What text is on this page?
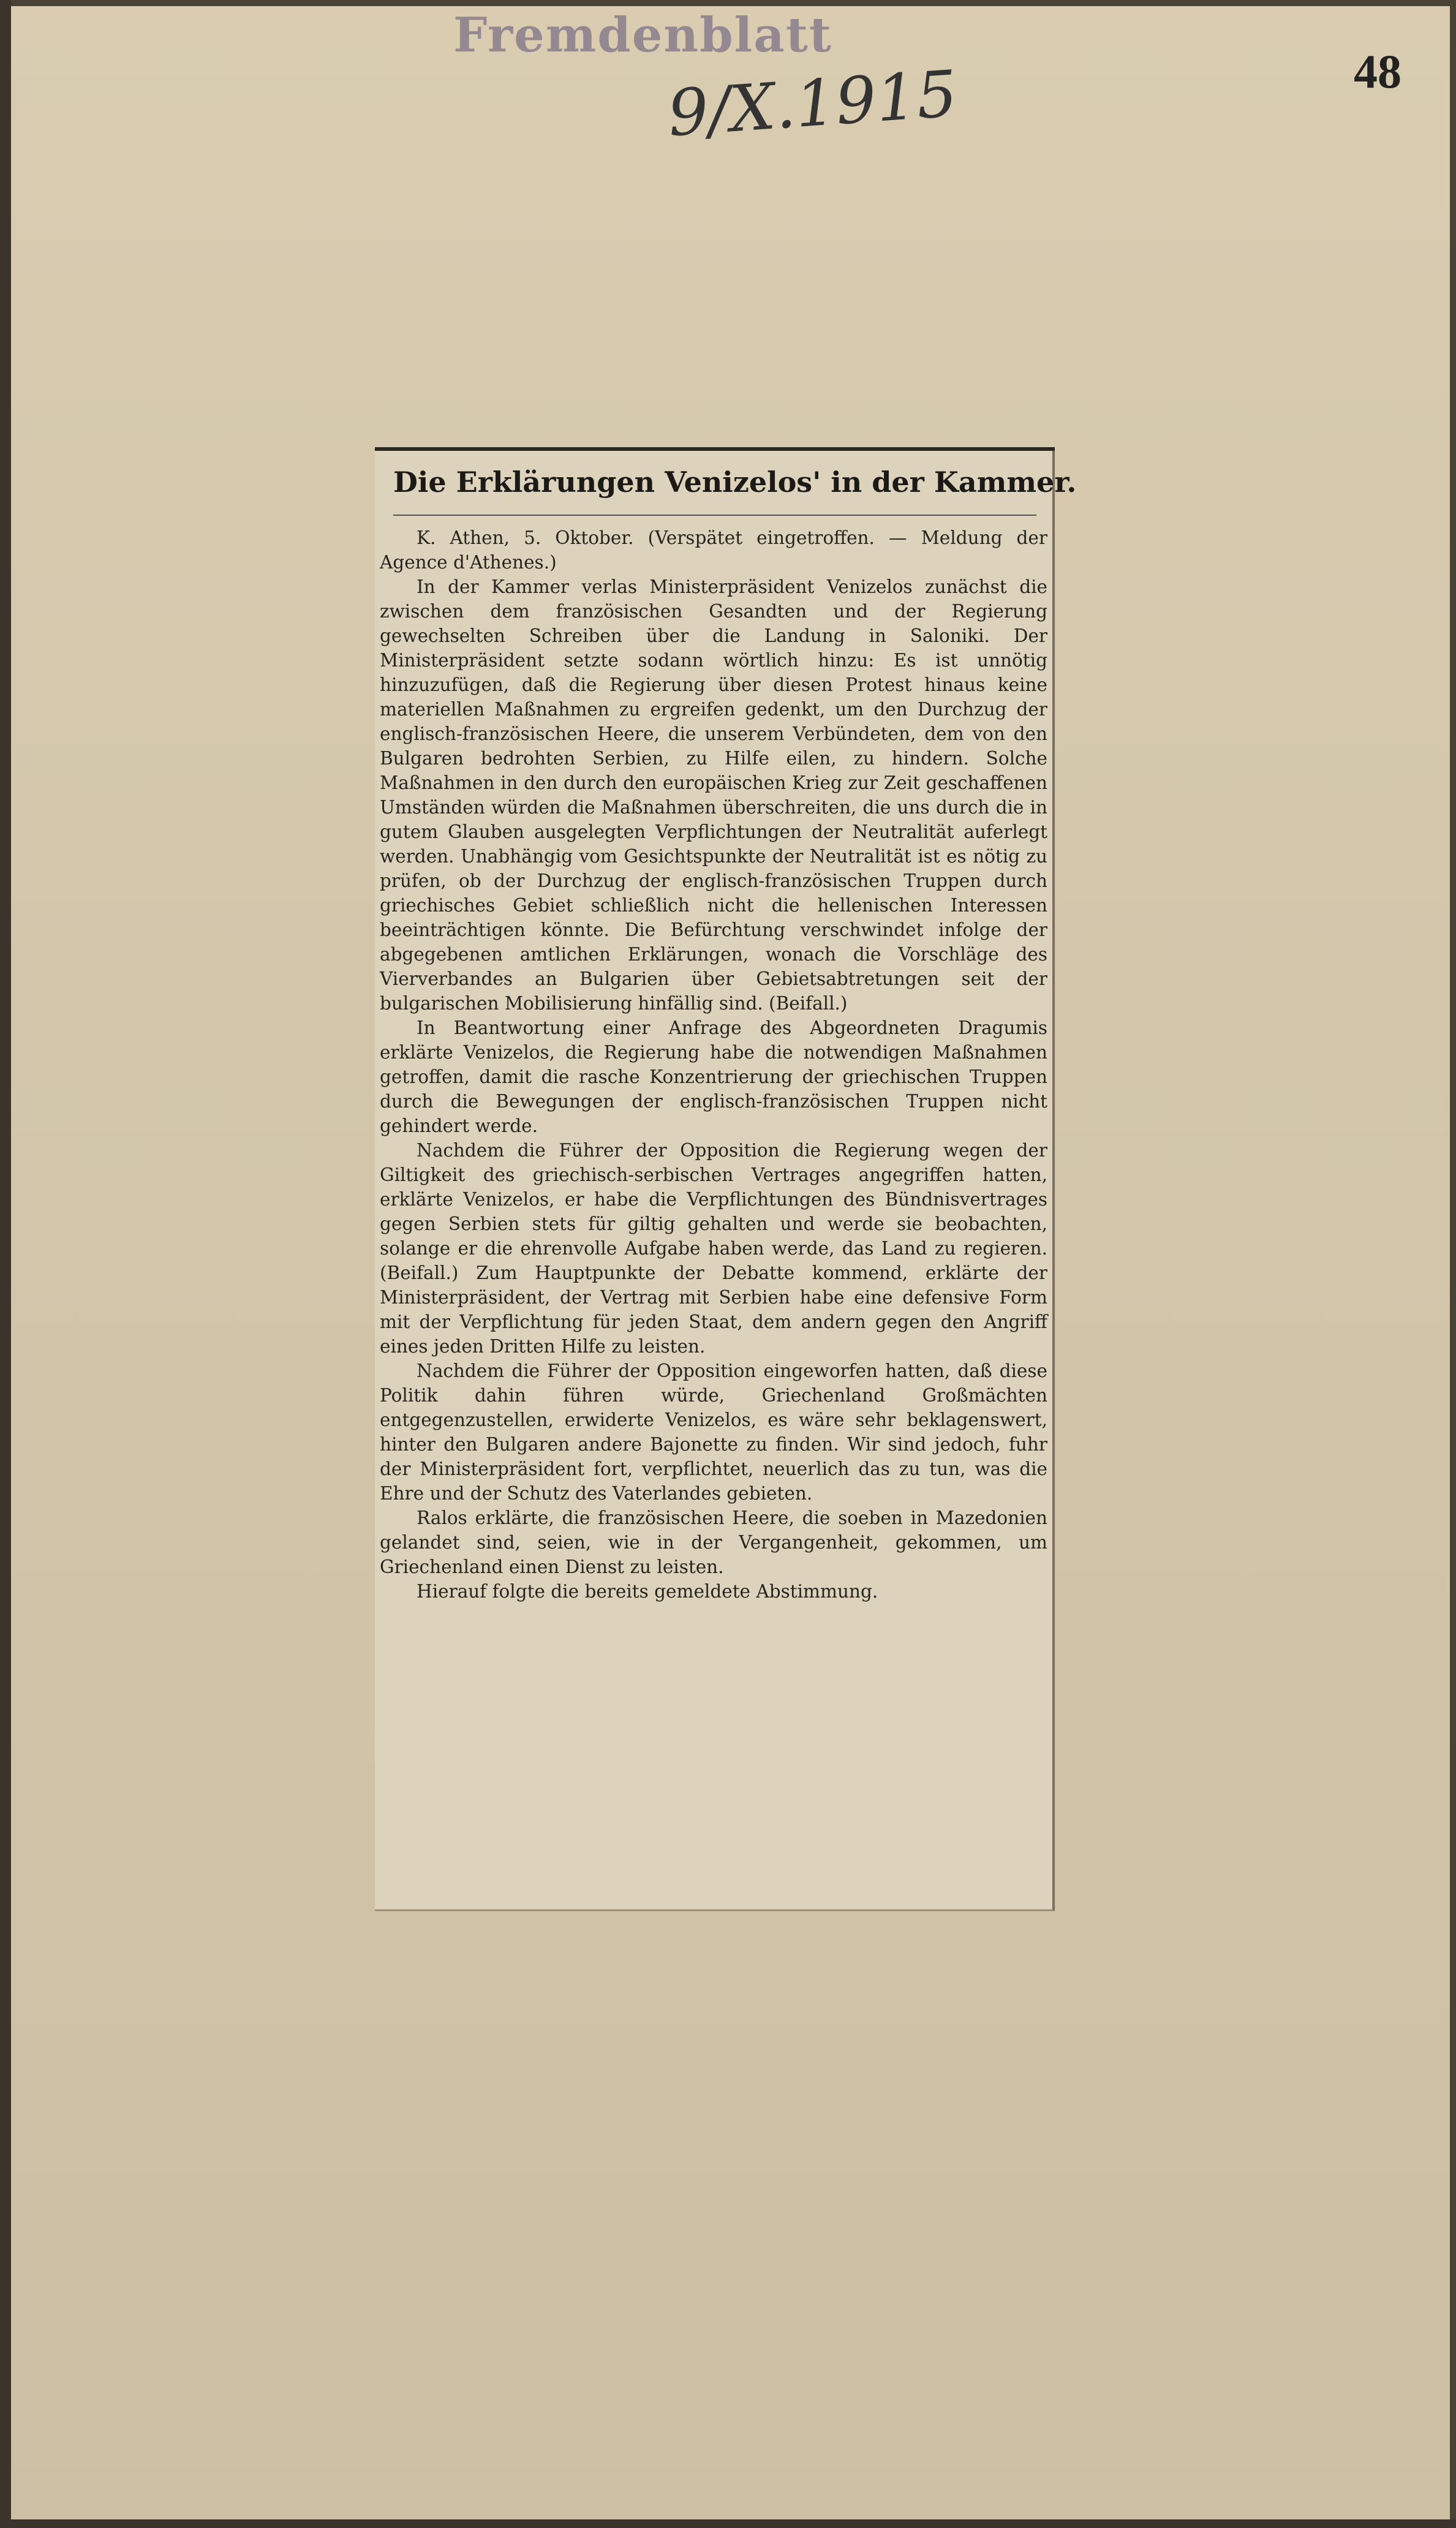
Fremdenblatt
9/X.1915	48
Die Erklärungen Venizelos' in der Kammer.

K. Athen, 5. Oktober. (Verspätet eingetroffen. — Meldung der Agence d'Athenes.)

In der Kammer verlas Ministerpräsident Venizelos zunächst die zwischen dem französischen Gesandten und der Regierung gewechselten Schreiben über die Landung in Saloniki. Der Ministerpräsident setzte sodann wörtlich hinzu: Es ist unnötig hinzuzufügen, daß die Regierung über diesen Protest hinaus keine materiellen Maßnahmen zu ergreifen gedenkt, um den Durchzug der englisch-französischen Heere, die unserem Verbündeten, dem von den Bulgaren bedrohten Serbien, zu Hilfe eilen, zu hindern. Solche Maßnahmen in den durch den europäischen Krieg zur Zeit geschaffenen Umständen würden die Maßnahmen überschreiten, die uns durch die in gutem Glauben ausgelegten Verpflichtungen der Neutralität auferlegt werden. Unabhängig vom Gesichtspunkte der Neutralität ist es nötig zu prüfen, ob der Durchzug der englisch-französischen Truppen durch griechisches Gebiet schließlich nicht die hellenischen Interessen beeinträchtigen könnte. Die Befürchtung verschwindet infolge der abgegebenen amtlichen Erklärungen, wonach die Vorschläge des Vierverbandes an Bulgarien über Gebietsabtretungen seit der bulgarischen Mobilisierung hinfällig sind. (Beifall.)

In Beantwortung einer Anfrage des Abgeordneten Dragumis erklärte Venizelos, die Regierung habe die notwendigen Maßnahmen getroffen, damit die rasche Konzentrierung der griechischen Truppen durch die Bewegungen der englisch-französischen Truppen nicht gehindert werde.

Nachdem die Führer der Opposition die Regierung wegen der Giltigkeit des griechisch-serbischen Vertrages angegriffen hatten, erklärte Venizelos, er habe die Verpflichtungen des Bündnisvertrages gegen Serbien stets für giltig gehalten und werde sie beobachten, solange er die ehrenvolle Aufgabe haben werde, das Land zu regieren. (Beifall.) Zum Hauptpunkte der Debatte kommend, erklärte der Ministerpräsident, der Vertrag mit Serbien habe eine defensive Form mit der Verpflichtung für jeden Staat, dem andern gegen den Angriff eines jeden Dritten Hilfe zu leisten.

Nachdem die Führer der Opposition eingeworfen hatten, daß diese Politik dahin führen würde, Griechenland Großmächten entgegenzustellen, erwiderte Venizelos, es wäre sehr beklagenswert, hinter den Bulgaren andere Bajonette zu finden. Wir sind jedoch, fuhr der Ministerpräsident fort, verpflichtet, neuerlich das zu tun, was die Ehre und der Schutz des Vaterlandes gebieten.

Ralos erklärte, die französischen Heere, die soeben in Mazedonien gelandet sind, seien, wie in der Vergangenheit, gekommen, um Griechenland einen Dienst zu leisten.

Hierauf folgte die bereits gemeldete Abstimmung.
